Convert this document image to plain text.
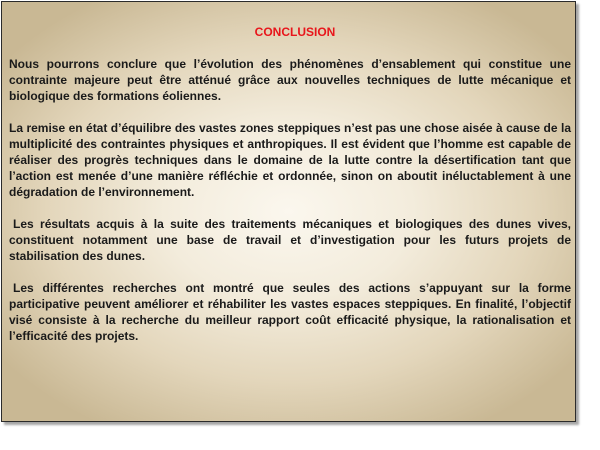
CONCLUSION

Nous pourrons conclure que l’évolution des phénomènes d’ensablement qui constitue une contrainte majeure peut être atténué grâce aux nouvelles techniques de lutte mécanique et biologique des formations éoliennes.

La remise en état d’équilibre des vastes zones steppiques n’est pas une chose aisée à cause de la multiplicité des contraintes physiques et anthropiques. Il est évident que l’homme est capable de réaliser des progrès techniques dans le domaine de la lutte contre la désertification tant que l’action est menée d’une manière réfléchie et ordonnée, sinon on aboutit inéluctablement à une dégradation de l’environnement.

Les résultats acquis à la suite des traitements mécaniques et biologiques des dunes vives, constituent notamment une base de travail et d’investigation pour les futurs projets de stabilisation des dunes.

Les différentes recherches ont montré que seules des actions s’appuyant sur la forme participative peuvent améliorer et réhabiliter les vastes espaces steppiques. En finalité, l’objectif visé consiste à la recherche du meilleur rapport coût efficacité physique, la rationalisation et l’efficacité des projets.
